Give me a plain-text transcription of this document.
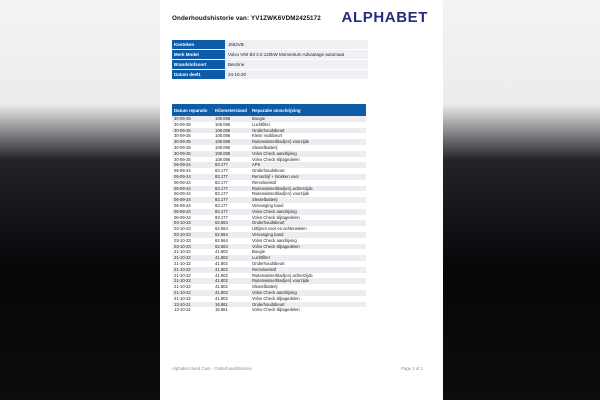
Onderhoudshistorie van: YV1ZWK6VDM2425172 ALPHABET
Kenteken	J662VB
Merk Model	Volvo V60 B3 2.0 120kW Momentum Advantage automaat
Brandstofsoort	Benzine
Datum deel1	24-10-20
Datum reparatie	Kilometerstand	Reparatie omschrijving
30-09-25	108.086	Bougie
30-09-25	108.086	Luchtfilter
30-09-25	108.086	Onderhoudsbeurt
30-09-25	108.086	Klein/ multibeurt
30-09-25	108.086	Ruitenwisserblad(en) voorzijde
30-09-25	108.086	Sleutelbatterij
30-09-25	108.086	Volvo Check aandrijving
30-09-25	108.086	Volvo Check slijtagedelen
06-09-24	83.177	APK
06-09-24	83.177	Onderhoudsbeurt
06-09-24	83.177	Remschijf + blokken voor
06-09-24	83.177	Remvloeistof
06-09-24	83.177	Ruitenwisserblad(en) achterzijde
06-09-24	83.177	Ruitenwisserblad(en) voorzijde
06-09-24	83.177	Sleutelbatterij
06-09-24	83.177	Vervanging band
06-09-24	83.177	Volvo Check aandrijving
06-09-24	83.177	Volvo Check slijtagedelen
03-10-23	62.564	Onderhoudsbeurt
03-10-23	62.564	Uitlijnen voor en achterwielen
03-10-23	62.564	Vervanging band
03-10-23	62.564	Volvo Check aandrijving
03-10-23	62.564	Volvo Check slijtagedelen
21-10-22	41.802	Bougie
21-10-22	41.802	Luchtfilter
21-10-22	41.802	Onderhoudsbeurt
21-10-22	41.802	Remvloeistof
21-10-22	41.802	Ruitenwisserblad(en) achterzijde
21-10-22	41.802	Ruitenwisserblad(en) voorzijde
21-10-22	41.802	Sleutelbatterij
21-10-22	41.802	Volvo Check aandrijving
21-10-22	41.802	Volvo Check slijtagedelen
13-10-21	16.861	Onderhoudsbeurt
13-10-21	16.861	Volvo Check slijtagedelen
Alphabet Used Cars - Onderhoudshistorie	Page 1 of 1
